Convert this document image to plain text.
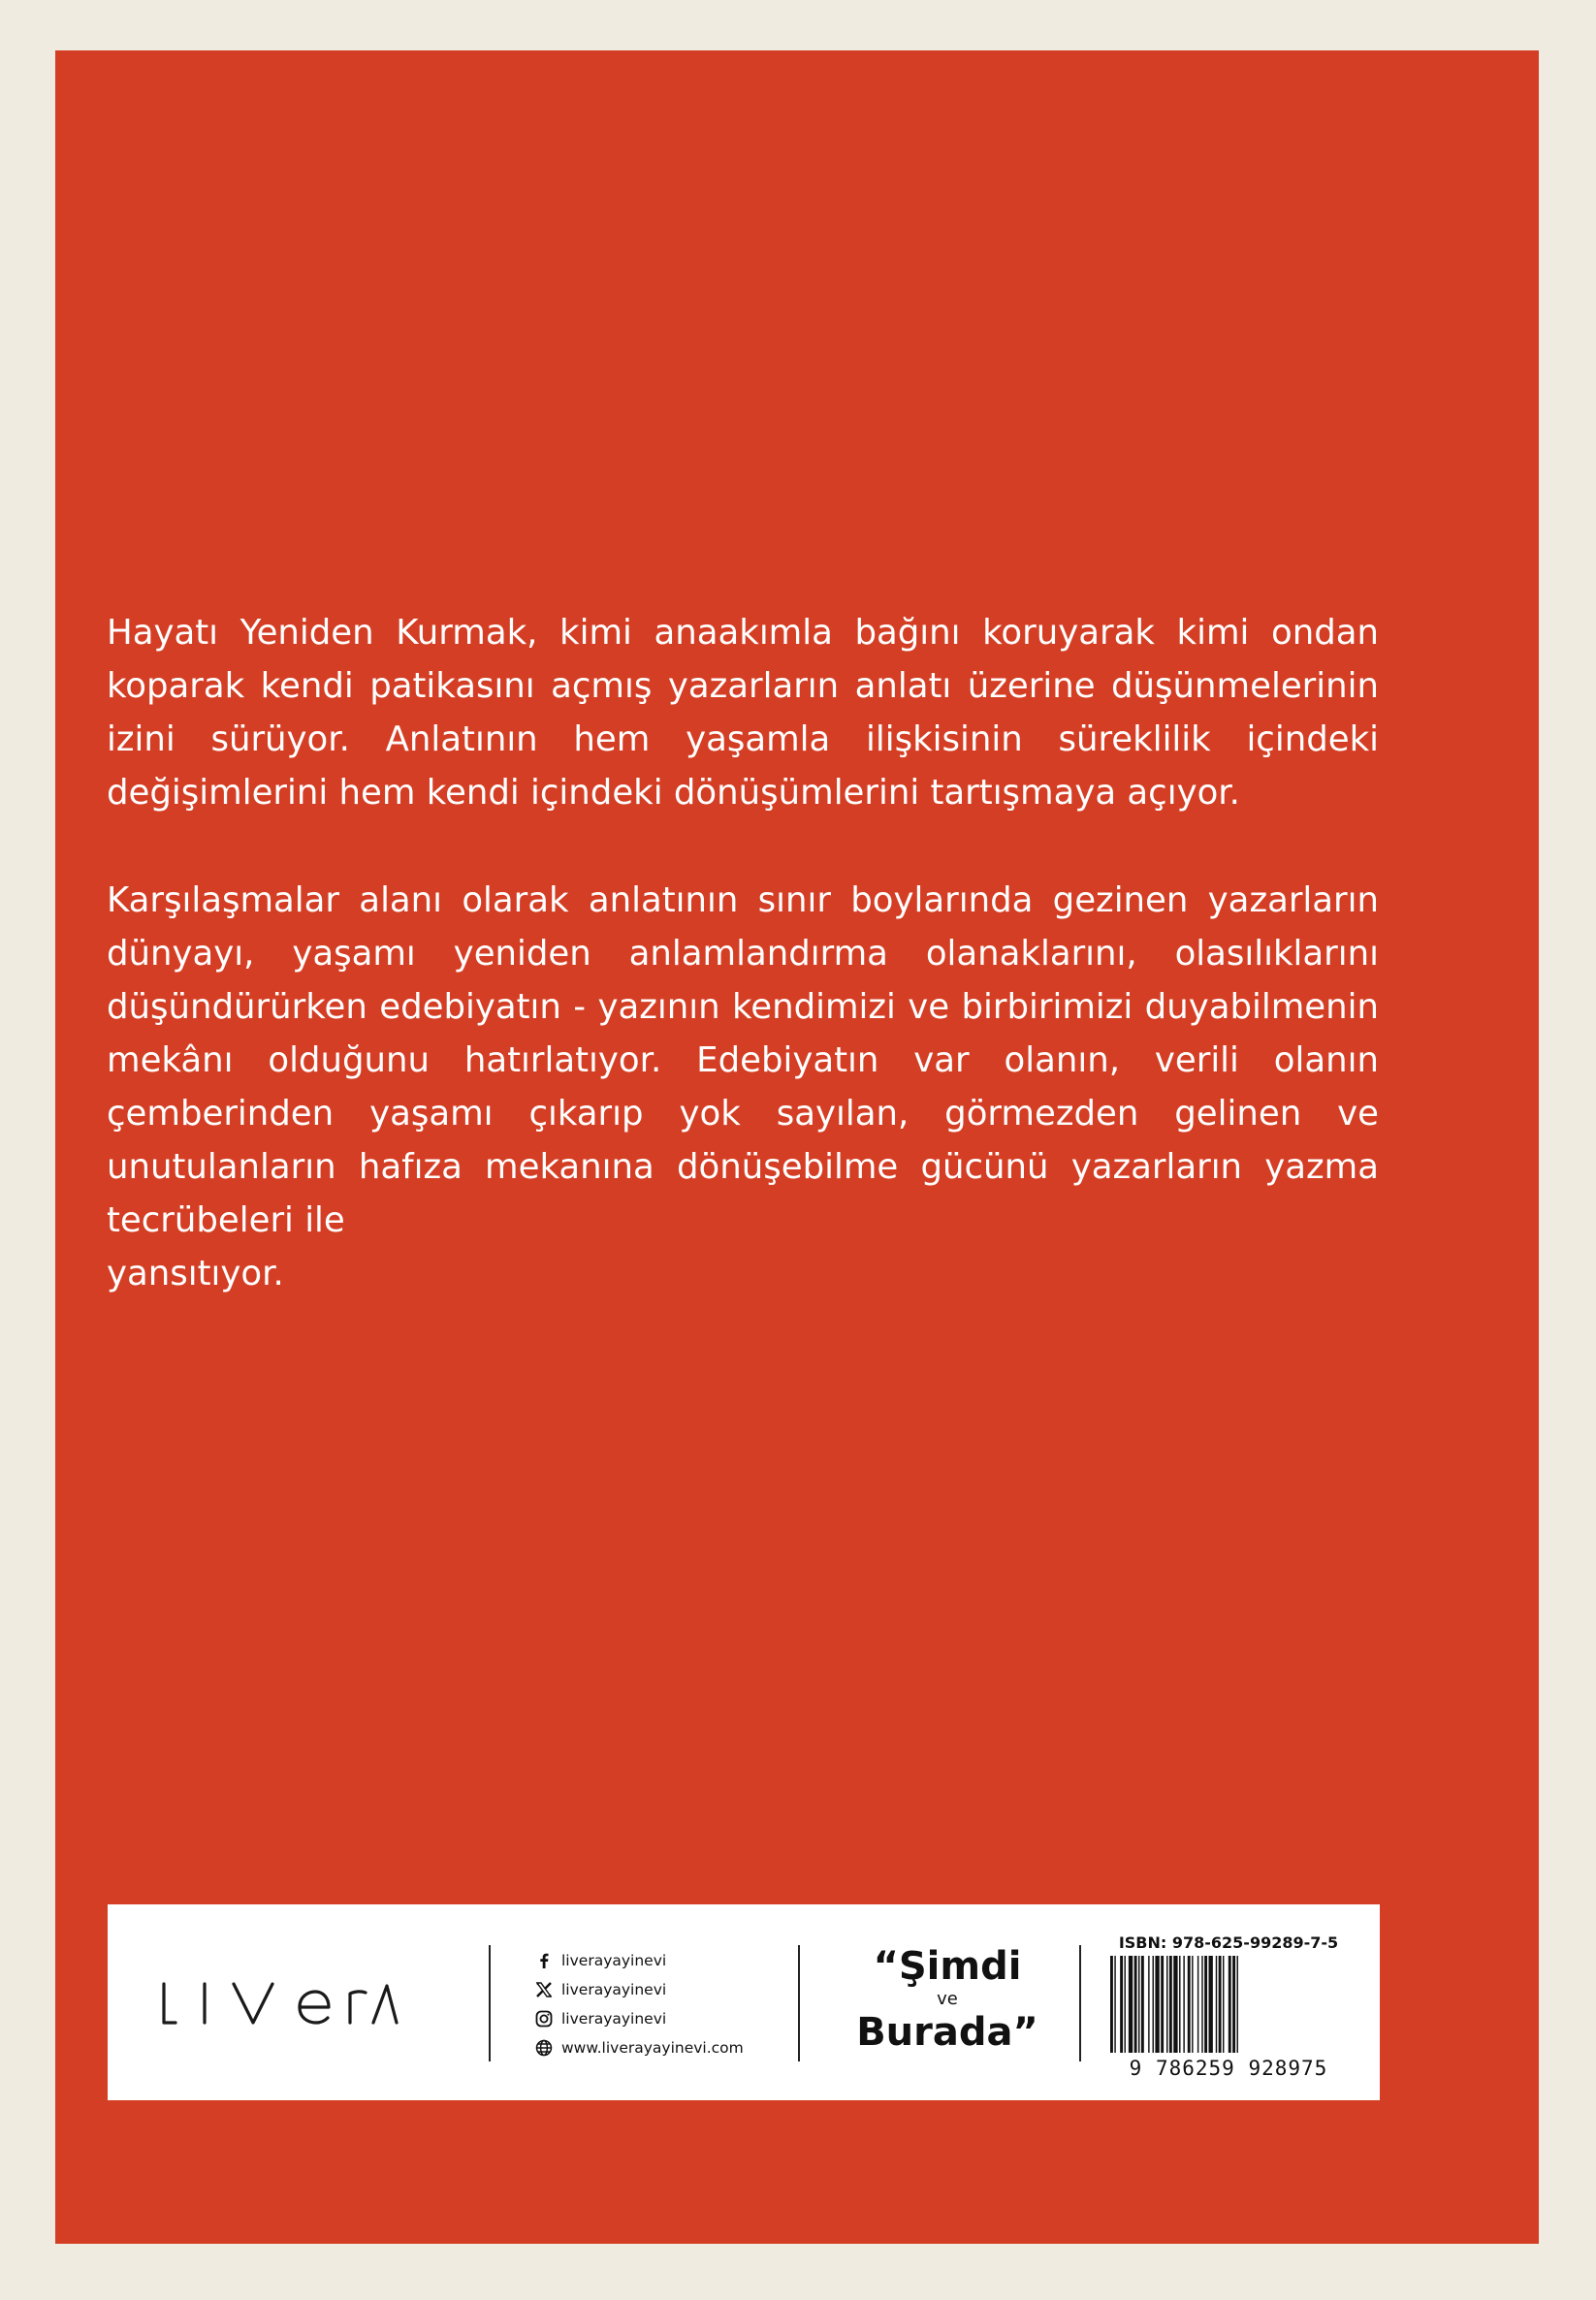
Hayatı Yeniden Kurmak, kimi anaakımla bağını koruyarak kimi ondan koparak kendi patikasını açmış yazarların anlatı üzerine düşünmelerinin izini sürüyor. Anlatının hem yaşamla ilişkisinin süreklilik içindeki değişimlerini hem kendi içindeki dönüşümlerini tartışmaya açıyor.

Karşılaşmalar alanı olarak anlatının sınır boylarında gezinen yazarların dünyayı, yaşamı yeniden anlamlandırma olanaklarını, olasılıklarını düşündürürken edebiyatın - yazının kendimizi ve birbirimizi duyabilmenin mekânı olduğunu hatırlatıyor. Edebiyatın var olanın, verili olanın çemberinden yaşamı çıkarıp yok sayılan, görmezden gelinen ve unutulanların hafıza mekanına dönüşebilme gücünü yazarların yazma tecrübeleri ile
yansıtıyor.

liverayayinevi
liverayayinevi
liverayayinevi
www.liverayayinevi.com
“Şimdi
ve
Burada”
ISBN: 978-625-99289-7-5
9 786259 928975
